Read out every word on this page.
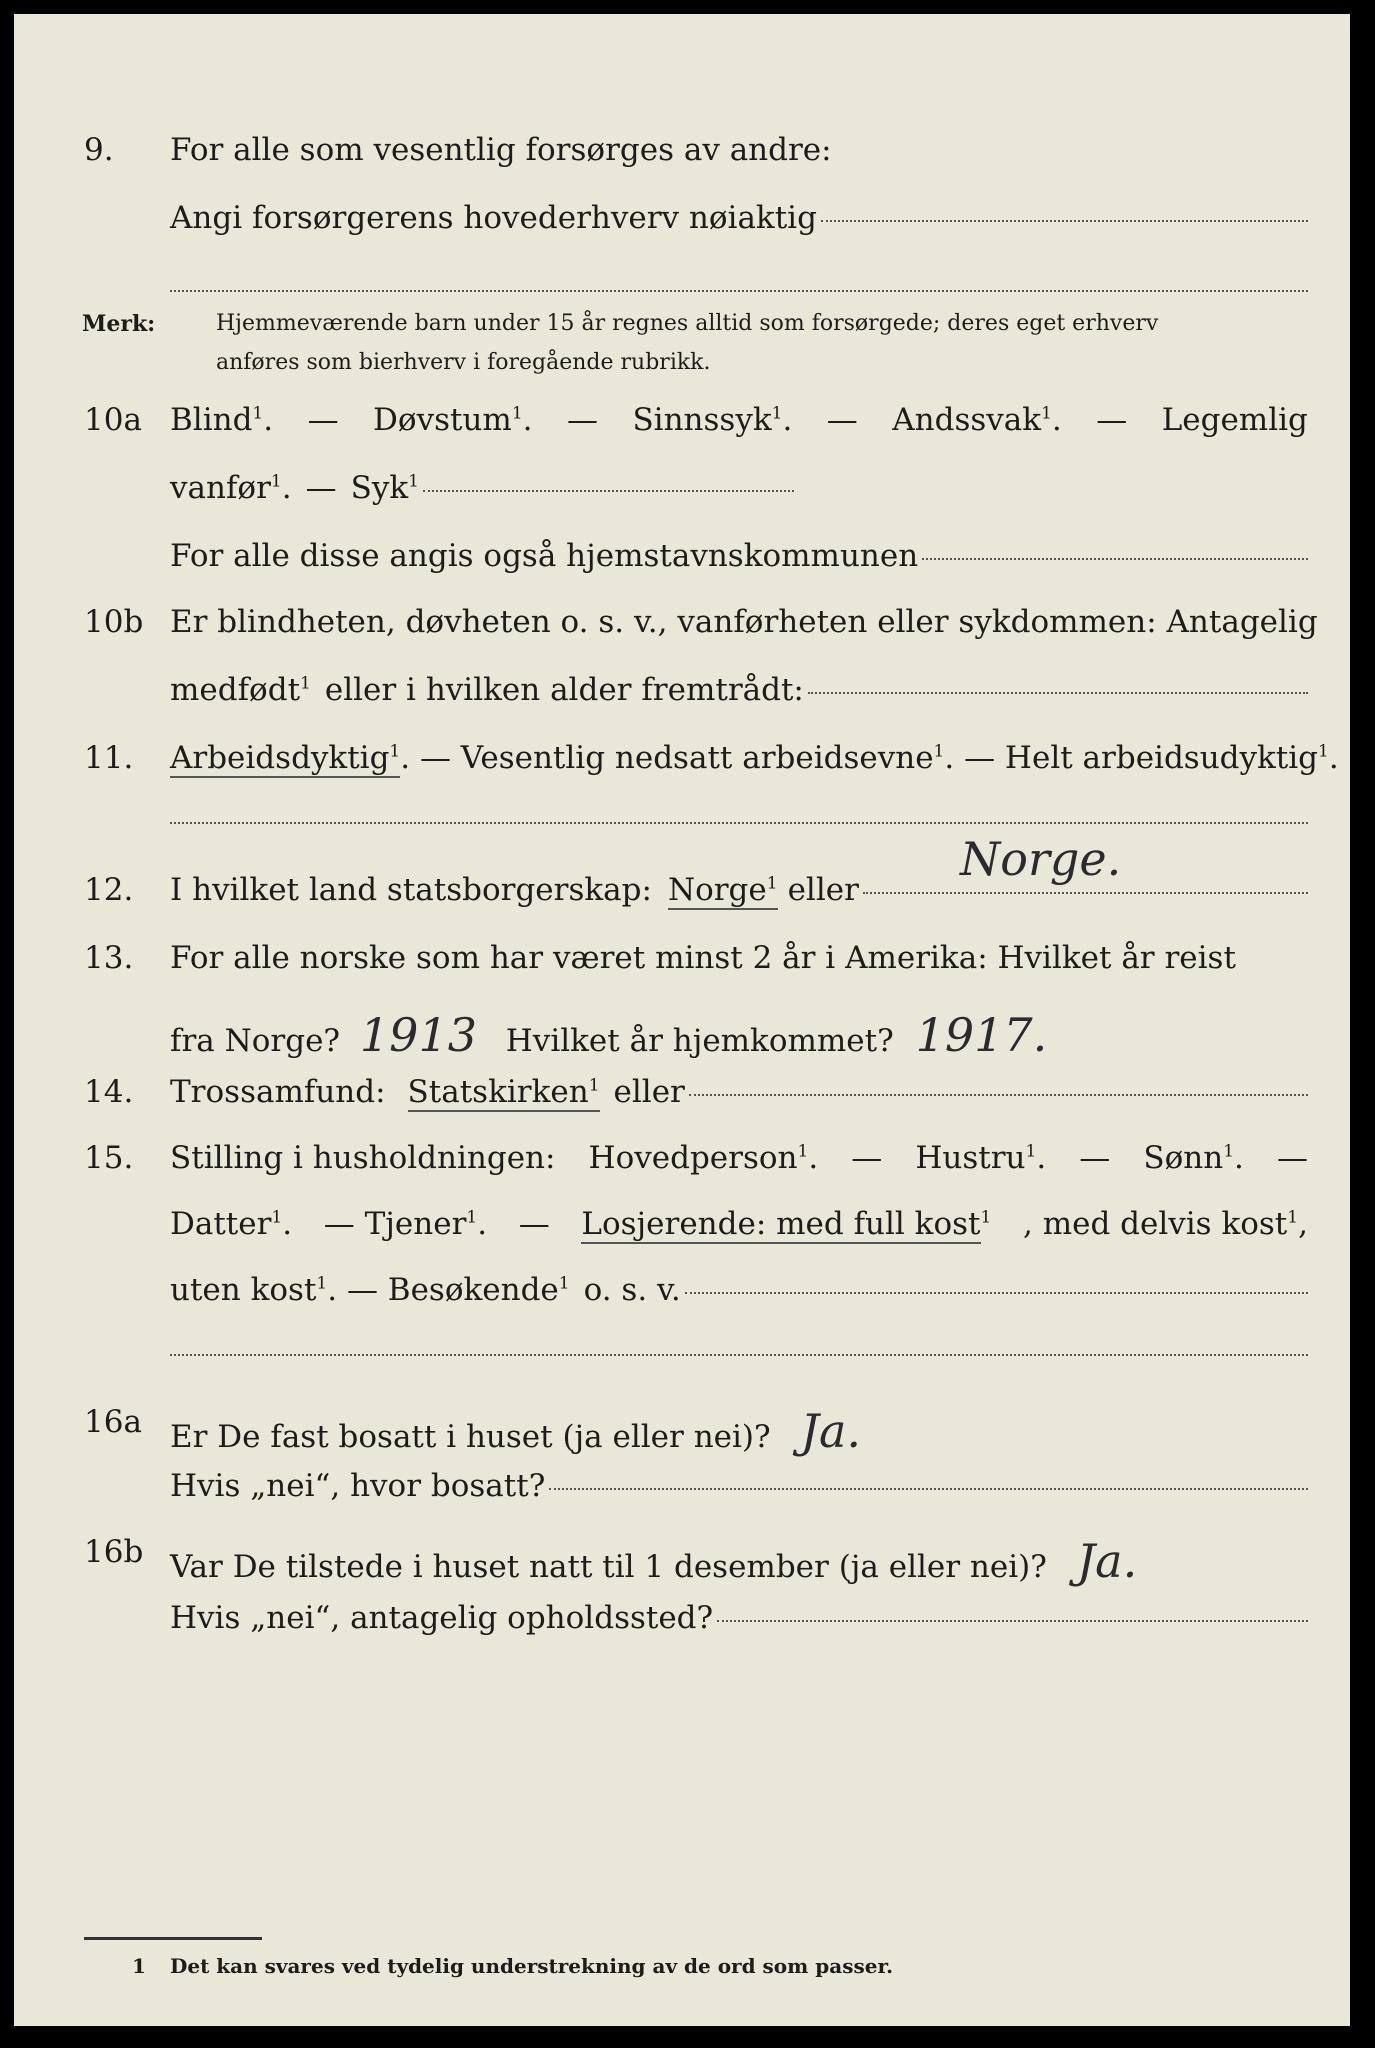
9. For alle som vesentlig forsørges av andre:
Angi forsørgerens hovederhverv nøiaktig
Merk:	Hjemmeværende barn under 15 år regnes alltid som forsørgede; deres eget erhverv
anføres som bierhverv i foregående rubrikk.
10a Blind$^1$. — Døvstum$^1$. — Sinnssyk$^1$. — Andssvak$^1$. — Legemlig
vanfør$^1$. — Syk$^1$
For alle disse angis også hjemstavnskommunen
10b Er blindheten, døvheten o. s. v., vanførheten eller sykdommen: Antagelig
medfødt$^1$ eller i hvilken alder fremtrådt:
11. Arbeidsdyktig$^1$. — Vesentlig nedsatt arbeidsevne$^1$. — Helt arbeidsudyktig$^1$.
12. I hvilket land statsborgerskap: Norge$^1$ eller
Norge.
13. For alle norske som har været minst 2 år i Amerika: Hvilket år reist
fra Norge? 1913 Hvilket år hjemkommet? 1917.
14. Trossamfund: Statskirken$^1$ eller
15. Stilling i husholdningen: Hovedperson$^1$. — Hustru$^1$. — Sønn$^1$. —
Datter$^1$. — Tjener$^1$. — Losjerende: med full kost$^1$ , med delvis kost$^1$,
uten kost$^1$ . — Besøkende$^1$ o. s. v.
16a Er De fast bosatt i huset (ja eller nei)? Ja.
Hvis „nei“, hvor bosatt?
16b Var De tilstede i huset natt til 1 desember (ja eller nei)? Ja.
Hvis „nei“, antagelig opholdssted?
1 Det kan svares ved tydelig understrekning av de ord som passer.
